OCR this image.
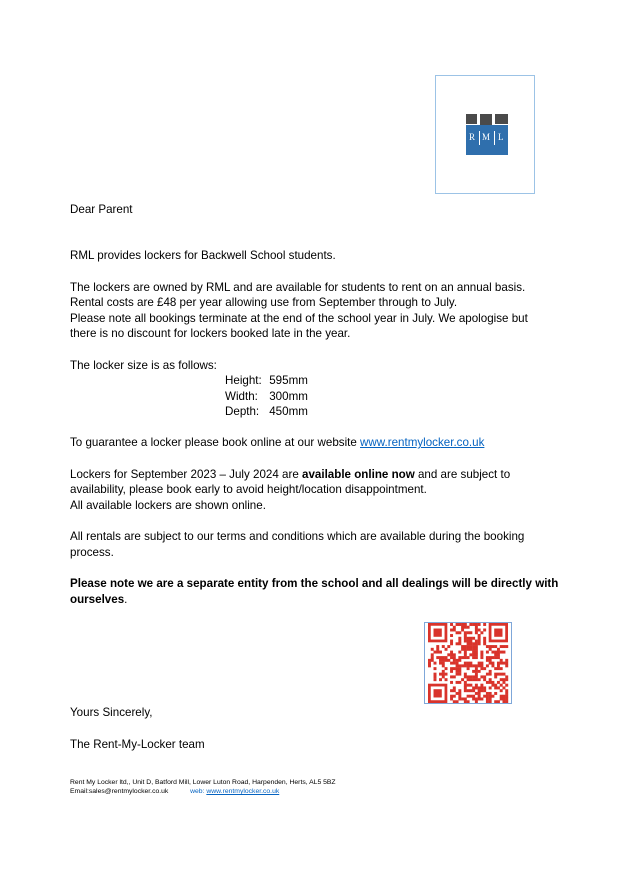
R M L
Dear Parent
RML provides lockers for Backwell School students.
The lockers are owned by RML and are available for students to rent on an annual basis.
Rental costs are £48 per year allowing use from September through to July.
Please note all bookings terminate at the end of the school year in July. We apologise but
there is no discount for lockers booked late in the year.
The locker size is as follows:
Height: 595mm
Width: 300mm
Depth: 450mm
To guarantee a locker please book online at our website www.rentmylocker.co.uk
Lockers for September 2023 – July 2024 are available online now and are subject to
availability, please book early to avoid height/location disappointment.
All available lockers are shown online.
All rentals are subject to our terms and conditions which are available during the booking
process.
Please note we are a separate entity from the school and all dealings will be directly with
ourselves.
Yours Sincerely,
The Rent-My-Locker team
Rent My Locker ltd,, Unit D, Batford Mill, Lower Luton Road, Harpenden, Herts, AL5 5BZ
Email:sales@rentmylocker.co.uk	web: www.rentmylocker.co.uk
